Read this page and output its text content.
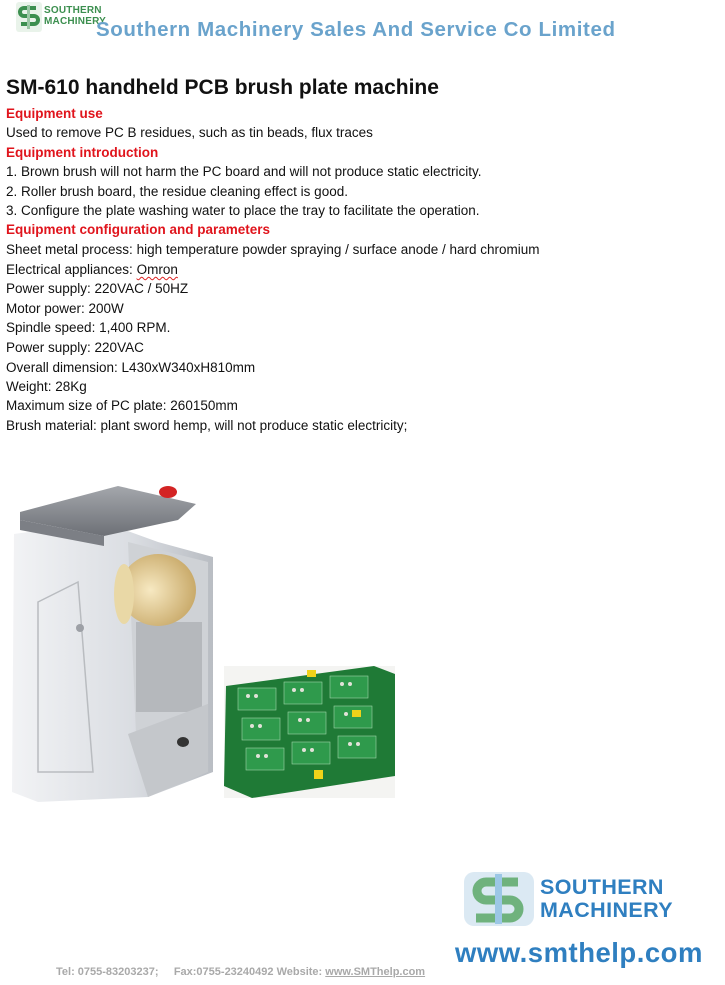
SOUTHERN
MACHINERY
Southern Machinery Sales And Service Co Limited
SM-610 handheld PCB brush plate machine
Equipment use
Used to remove PC B residues, such as tin beads, flux traces
Equipment introduction
1. Brown brush will not harm the PC board and will not produce static electricity.
2. Roller brush board, the residue cleaning effect is good.
3. Configure the plate washing water to place the tray to facilitate the operation.
Equipment configuration and parameters
Sheet metal process: high temperature powder spraying / surface anode / hard chromium
Electrical appliances: Omron
Power supply: 220VAC / 50HZ
Motor power: 200W
Spindle speed: 1,400 RPM.
Power supply: 220VAC
Overall dimension: L430xW340xH810mm
Weight: 28Kg
Maximum size of PC plate: 260150mm
Brush material: plant sword hemp, will not produce static electricity;
SOUTHERN
MACHINERY
www.smthelp.com
Tel: 0755-83203237;     Fax:0755-23240492 Website: www.SMThelp.com
